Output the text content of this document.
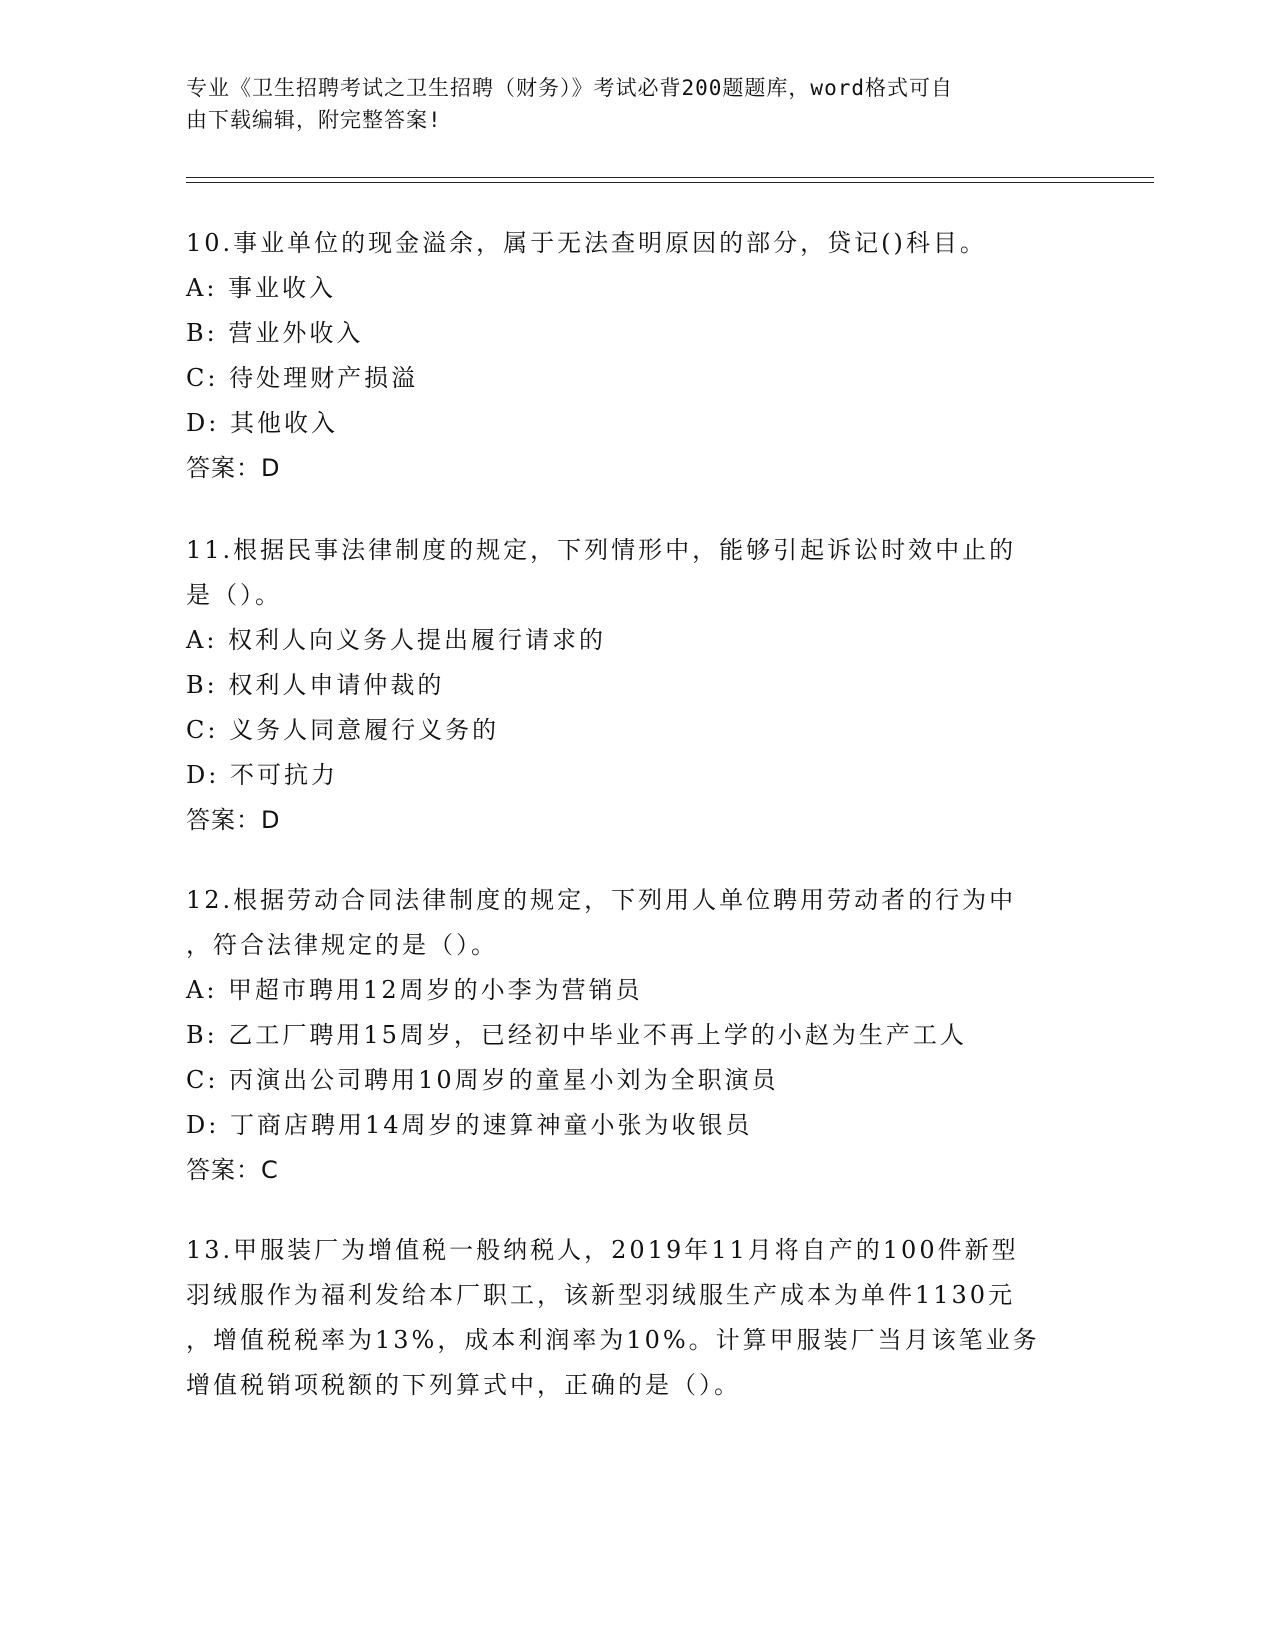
专业《卫生招聘考试之卫生招聘（财务）》考试必背200题题库，word格式可自
由下载编辑，附完整答案!
10.事业单位的现金溢余，属于无法查明原因的部分，贷记()科目。
A: 事业收入
B: 营业外收入
C: 待处理财产损溢
D: 其他收入
答案：D
11.根据民事法律制度的规定，下列情形中，能够引起诉讼时效中止的
是（）。
A: 权利人向义务人提出履行请求的
B: 权利人申请仲裁的
C: 义务人同意履行义务的
D: 不可抗力
答案：D
12.根据劳动合同法律制度的规定，下列用人单位聘用劳动者的行为中
，符合法律规定的是（）。
A: 甲超市聘用12周岁的小李为营销员
B: 乙工厂聘用15周岁，已经初中毕业不再上学的小赵为生产工人
C: 丙演出公司聘用10周岁的童星小刘为全职演员
D: 丁商店聘用14周岁的速算神童小张为收银员
答案：C
13.甲服装厂为增值税一般纳税人，2019年11月将自产的100件新型
羽绒服作为福利发给本厂职工，该新型羽绒服生产成本为单件1130元
，增值税税率为13%，成本利润率为10%。计算甲服装厂当月该笔业务
增值税销项税额的下列算式中，正确的是（）。
